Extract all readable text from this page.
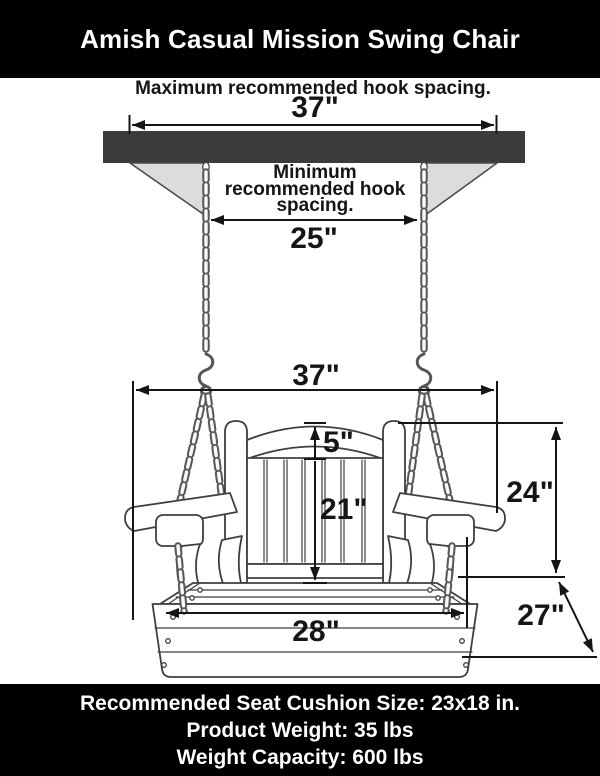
Amish Casual Mission Swing Chair
Maximum recommended hook spacing.
37"
Minimum
recommended hook
spacing.
25"
37"
5"
21"
24"
28"	27"
Recommended Seat Cushion Size: 23x18 in.
Product Weight: 35 lbs
Weight Capacity: 600 lbs
